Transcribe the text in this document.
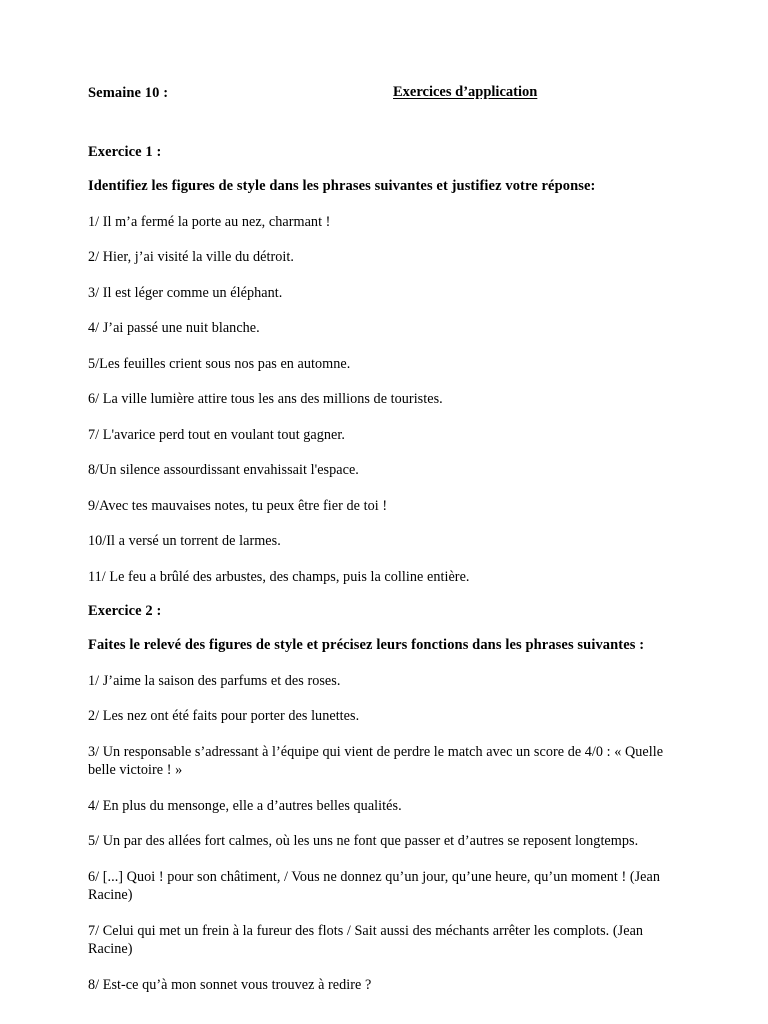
Semaine 10 :	Exercices d’application
Exercice 1 :
Identifiez les figures de style dans les phrases suivantes et justifiez votre réponse:
1/ Il m’a fermé la porte au nez, charmant !
2/ Hier, j’ai visité la ville du détroit.
3/ Il est léger comme un éléphant.
4/ J’ai passé une nuit blanche.
5/Les feuilles crient sous nos pas en automne.
6/ La ville lumière attire tous les ans des millions de touristes.
7/ L'avarice perd tout en voulant tout gagner.
8/Un silence assourdissant envahissait l'espace.
9/Avec tes mauvaises notes, tu peux être fier de toi !
10/Il a versé un torrent de larmes.
11/ Le feu a brûlé des arbustes, des champs, puis la colline entière.
Exercice 2 :
Faites le relevé des figures de style et précisez leurs fonctions dans les phrases suivantes :
1/ J’aime la saison des parfums et des roses.
2/ Les nez ont été faits pour porter des lunettes.
3/ Un responsable s’adressant à l’équipe qui vient de perdre le match avec un score de 4/0 : « Quelle belle victoire ! »
4/ En plus du mensonge, elle a d’autres belles qualités.
5/ Un par des allées fort calmes, où les uns ne font que passer et d’autres se reposent longtemps.
6/ [...] Quoi ! pour son châtiment, / Vous ne donnez qu’un jour, qu’une heure, qu’un moment ! (Jean Racine)
7/ Celui qui met un frein à la fureur des flots / Sait aussi des méchants arrêter les complots. (Jean Racine)
8/ Est-ce qu’à mon sonnet vous trouvez à redire ?
